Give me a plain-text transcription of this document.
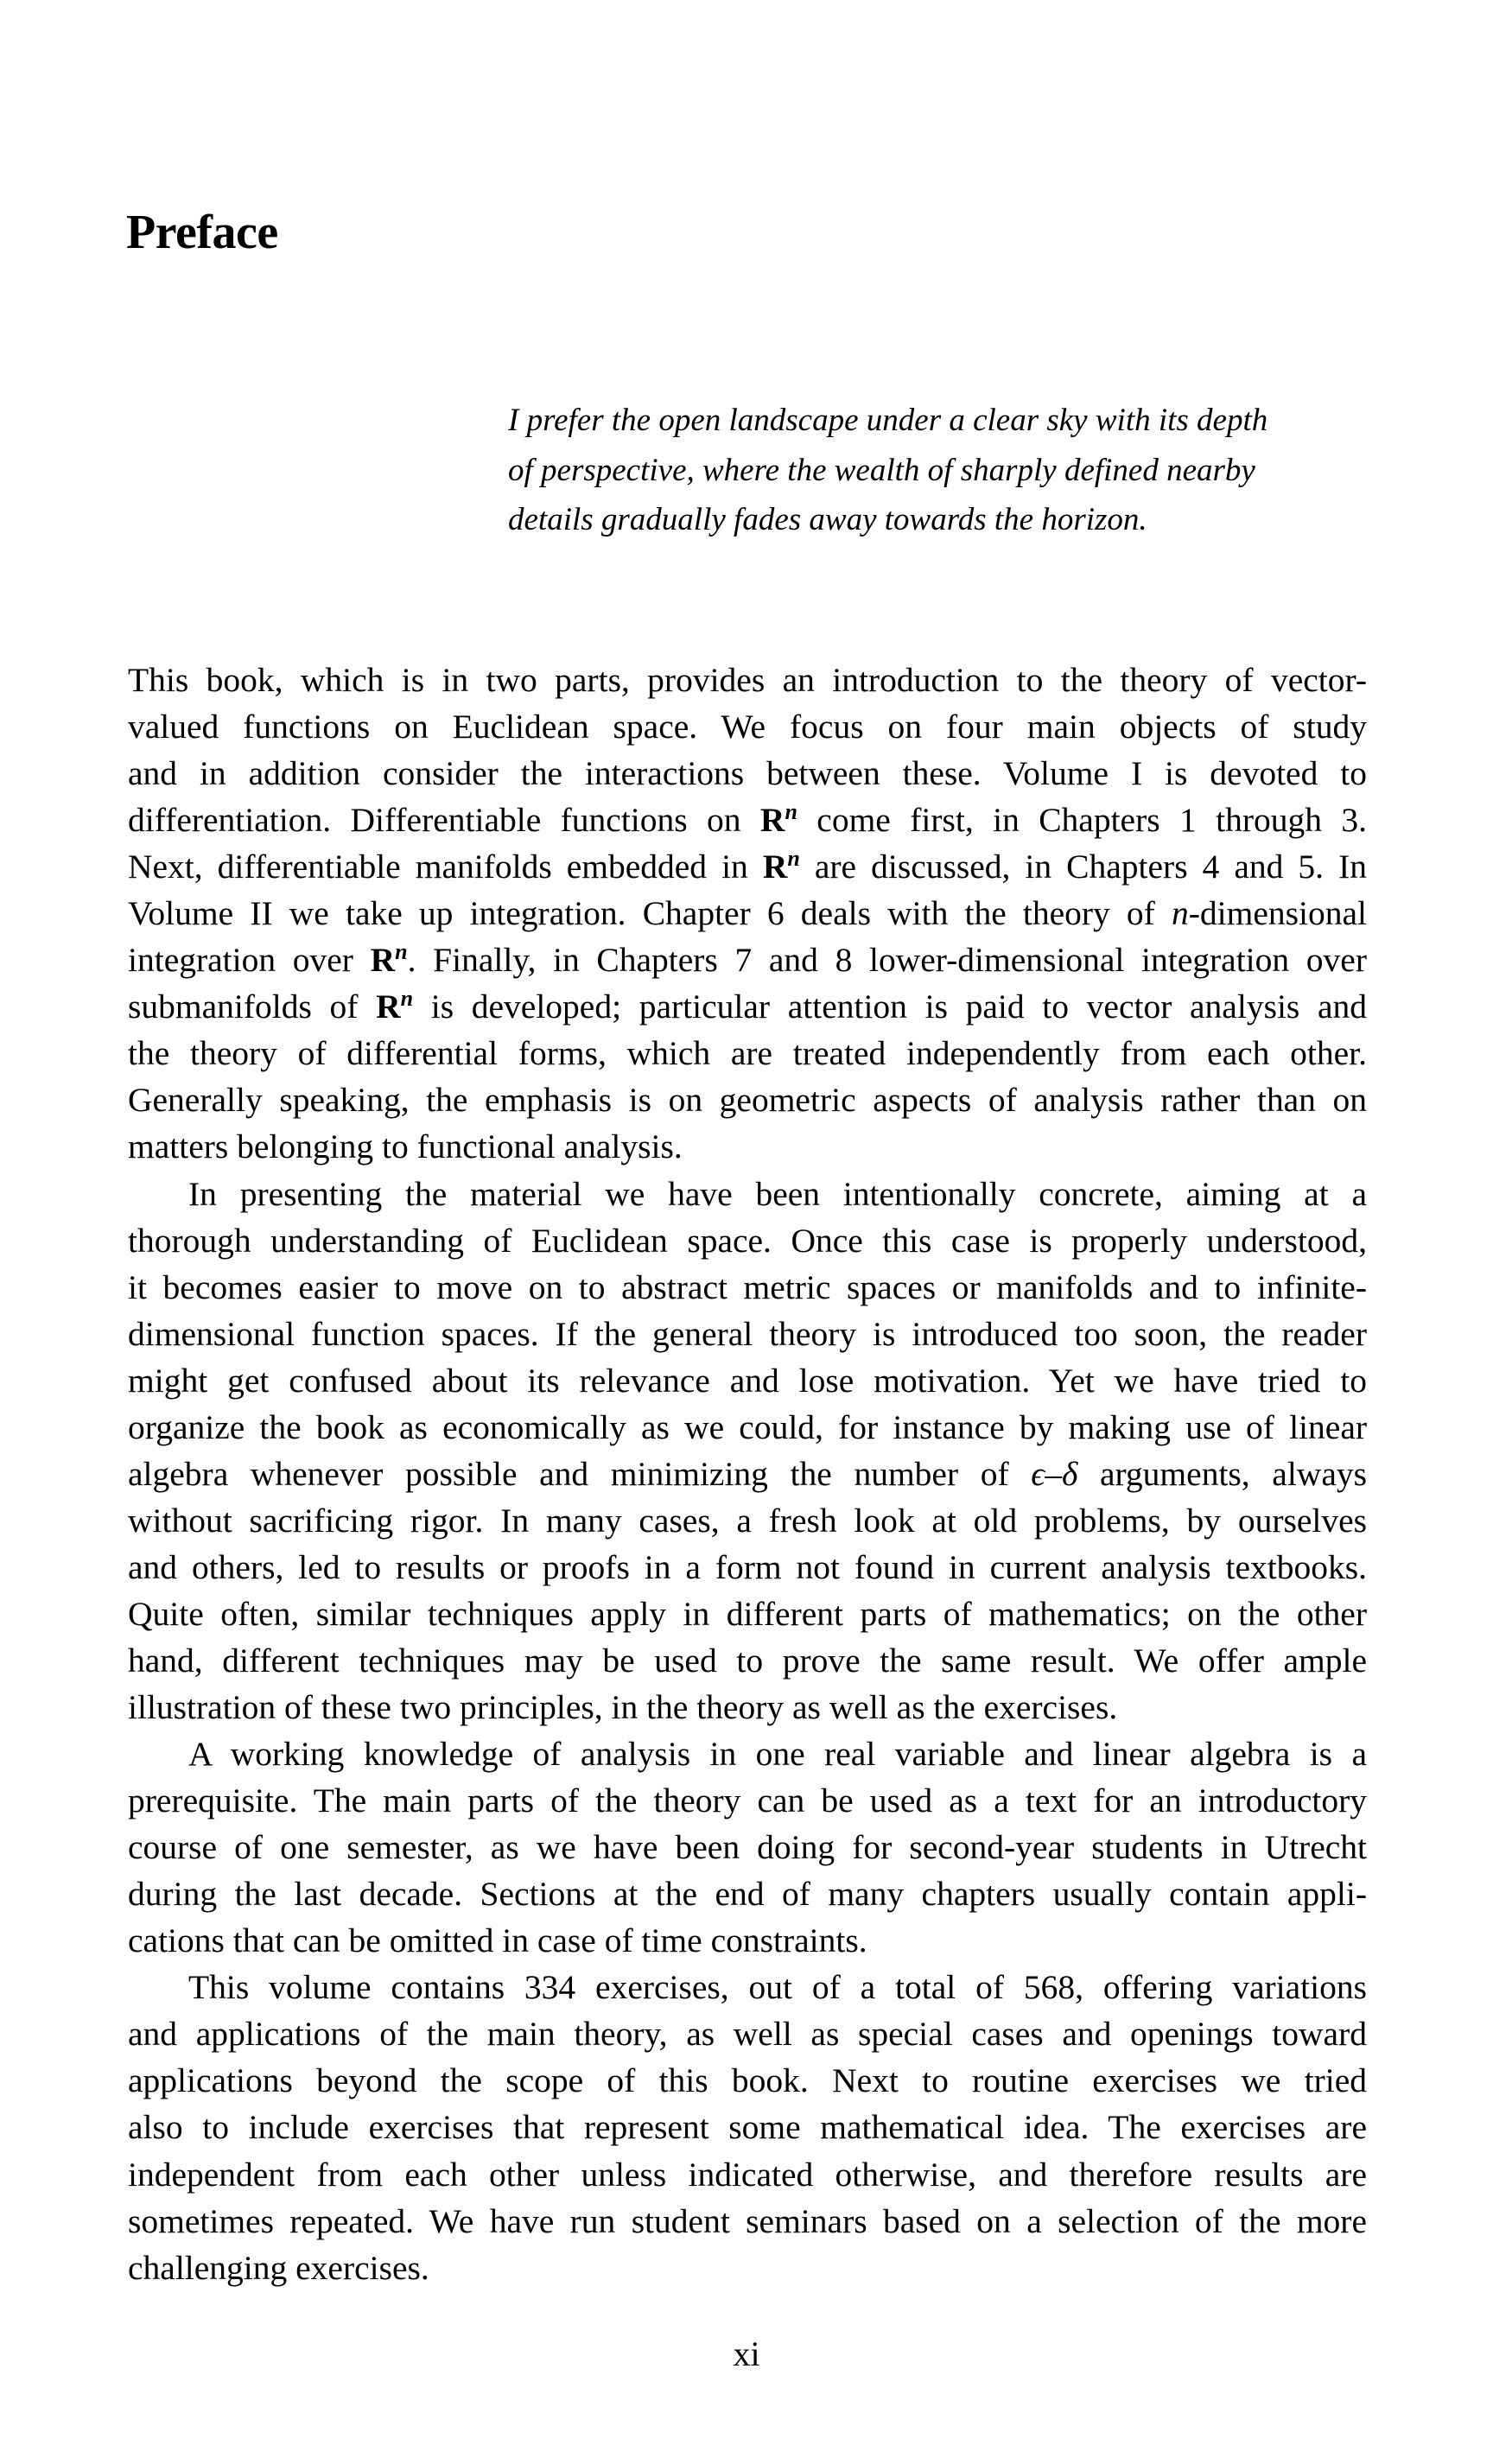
Preface
I prefer the open landscape under a clear sky with its depth
of perspective, where the wealth of sharply defined nearby
details gradually fades away towards the horizon.
This book, which is in two parts, provides an introduction to the theory of vector-
valued functions on Euclidean space. We focus on four main objects of study
and in addition consider the interactions between these. Volume I is devoted to
differentiation. Differentiable functions on $R^n$ come first, in Chapters 1 through 3.
Next, differentiable manifolds embedded in $R^n$ are discussed, in Chapters 4 and 5. In
Volume II we take up integration. Chapter 6 deals with the theory of n-dimensional
integration over $R^n$. Finally, in Chapters 7 and 8 lower-dimensional integration over
submanifolds of $R^n$ is developed; particular attention is paid to vector analysis and
the theory of differential forms, which are treated independently from each other.
Generally speaking, the emphasis is on geometric aspects of analysis rather than on
matters belonging to functional analysis.
In presenting the material we have been intentionally concrete, aiming at a
thorough understanding of Euclidean space. Once this case is properly understood,
it becomes easier to move on to abstract metric spaces or manifolds and to infinite-
dimensional function spaces. If the general theory is introduced too soon, the reader
might get confused about its relevance and lose motivation. Yet we have tried to
organize the book as economically as we could, for instance by making use of linear
algebra whenever possible and minimizing the number of ϵ–δ arguments, always
without sacrificing rigor. In many cases, a fresh look at old problems, by ourselves
and others, led to results or proofs in a form not found in current analysis textbooks.
Quite often, similar techniques apply in different parts of mathematics; on the other
hand, different techniques may be used to prove the same result. We offer ample
illustration of these two principles, in the theory as well as the exercises.
A working knowledge of analysis in one real variable and linear algebra is a
prerequisite. The main parts of the theory can be used as a text for an introductory
course of one semester, as we have been doing for second-year students in Utrecht
during the last decade. Sections at the end of many chapters usually contain appli-
cations that can be omitted in case of time constraints.
This volume contains 334 exercises, out of a total of 568, offering variations
and applications of the main theory, as well as special cases and openings toward
applications beyond the scope of this book. Next to routine exercises we tried
also to include exercises that represent some mathematical idea. The exercises are
independent from each other unless indicated otherwise, and therefore results are
sometimes repeated. We have run student seminars based on a selection of the more
challenging exercises.
xi
